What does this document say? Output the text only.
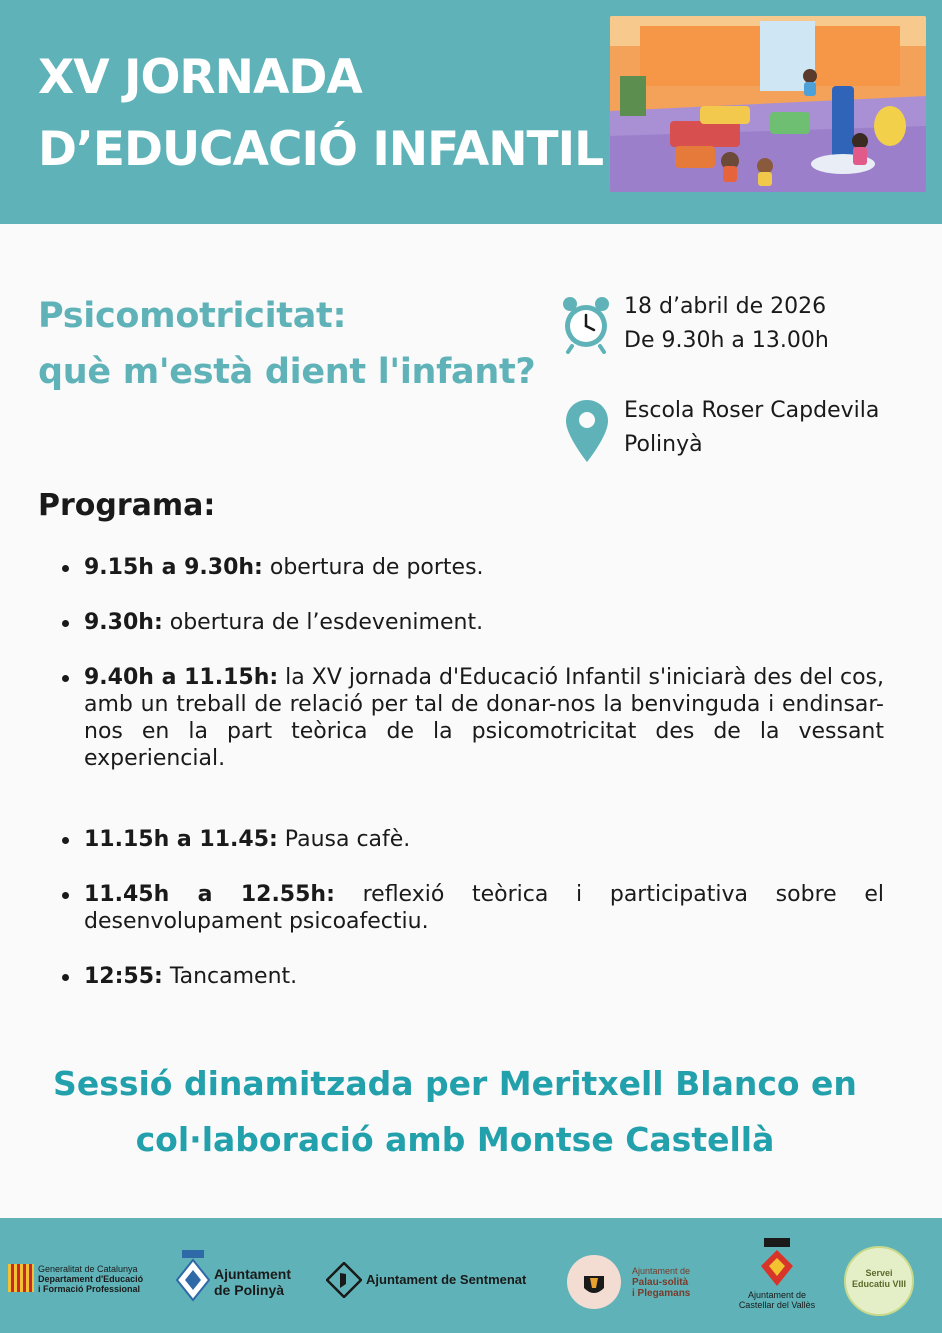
XV JORNADA
D’EDUCACIÓ INFANTIL
Psicomotricitat:
què m'està dient l'infant?
18 d’abril de 2026
De 9.30h a 13.00h
Escola Roser Capdevila
Polinyà
Programa:
9.15h a 9.30h: obertura de portes.
9.30h: obertura de l’esdeveniment.
9.40h a 11.15h: la XV jornada d'Educació Infantil s'iniciarà des del cos, amb un treball de relació per tal de donar-nos la benvinguda i endinsar-nos en la part teòrica de la psicomotricitat des de la vessant experiencial.
11.15h a 11.45: Pausa cafè.
11.45h a 12.55h: reflexió teòrica i participativa sobre el desenvolupament psicoafectiu.
12:55: Tancament.
Sessió dinamitzada per Meritxell Blanco en
col·laboració amb Montse Castellà
Generalitat de Catalunya
Departament d'Educació
i Formació Professional
Ajuntament
de Polinyà
Ajuntament de Sentmenat
Ajuntament de
Palau-solità
i Plegamans	Ajuntament de
Castellar del Vallès
Servei
Educatiu VIII
